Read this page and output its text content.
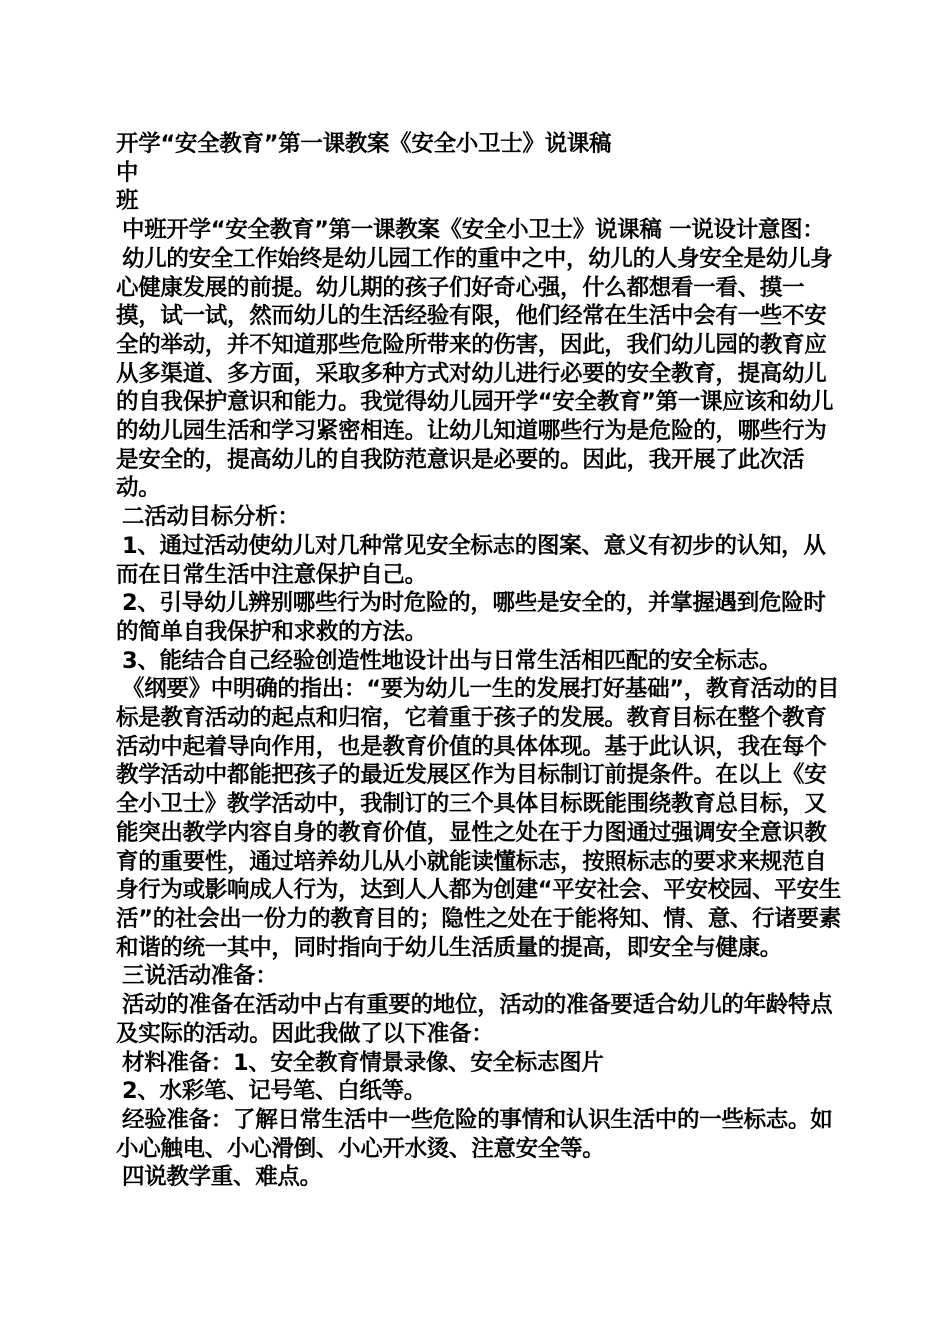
开学“安全教育”第一课教案《安全小卫士》说课稿

中

班

中班开学“安全教育”第一课教案《安全小卫士》说课稿 一说设计意图：

幼儿的安全工作始终是幼儿园工作的重中之中，幼儿的人身安全是幼儿身心健康发展的前提。幼儿期的孩子们好奇心强，什么都想看一看、摸一摸，试一试，然而幼儿的生活经验有限，他们经常在生活中会有一些不安全的举动，并不知道那些危险所带来的伤害，因此，我们幼儿园的教育应从多渠道、多方面，采取多种方式对幼儿进行必要的安全教育，提高幼儿的自我保护意识和能力。我觉得幼儿园开学“安全教育”第一课应该和幼儿的幼儿园生活和学习紧密相连。让幼儿知道哪些行为是危险的，哪些行为是安全的，提高幼儿的自我防范意识是必要的。因此，我开展了此次活动。

二活动目标分析：

1、通过活动使幼儿对几种常见安全标志的图案、意义有初步的认知，从而在日常生活中注意保护自己。

2、引导幼儿辨别哪些行为时危险的，哪些是安全的，并掌握遇到危险时的简单自我保护和求救的方法。

3、能结合自己经验创造性地设计出与日常生活相匹配的安全标志。

《纲要》中明确的指出：“要为幼儿一生的发展打好基础”，教育活动的目标是教育活动的起点和归宿，它着重于孩子的发展。教育目标在整个教育活动中起着导向作用，也是教育价值的具体体现。基于此认识，我在每个教学活动中都能把孩子的最近发展区作为目标制订前提条件。在以上《安全小卫士》教学活动中，我制订的三个具体目标既能围绕教育总目标，又能突出教学内容自身的教育价值，显性之处在于力图通过强调安全意识教育的重要性，通过培养幼儿从小就能读懂标志，按照标志的要求来规范自身行为或影响成人行为，达到人人都为创建“平安社会、平安校园、平安生活”的社会出一份力的教育目的；隐性之处在于能将知、情、意、行诸要素和谐的统一其中，同时指向于幼儿生活质量的提高，即安全与健康。

三说活动准备：

活动的准备在活动中占有重要的地位，活动的准备要适合幼儿的年龄特点及实际的活动。因此我做了以下准备：

材料准备：1、安全教育情景录像、安全标志图片

2、水彩笔、记号笔、白纸等。

经验准备：了解日常生活中一些危险的事情和认识生活中的一些标志。如小心触电、小心滑倒、小心开水烫、注意安全等。

四说教学重、难点。
